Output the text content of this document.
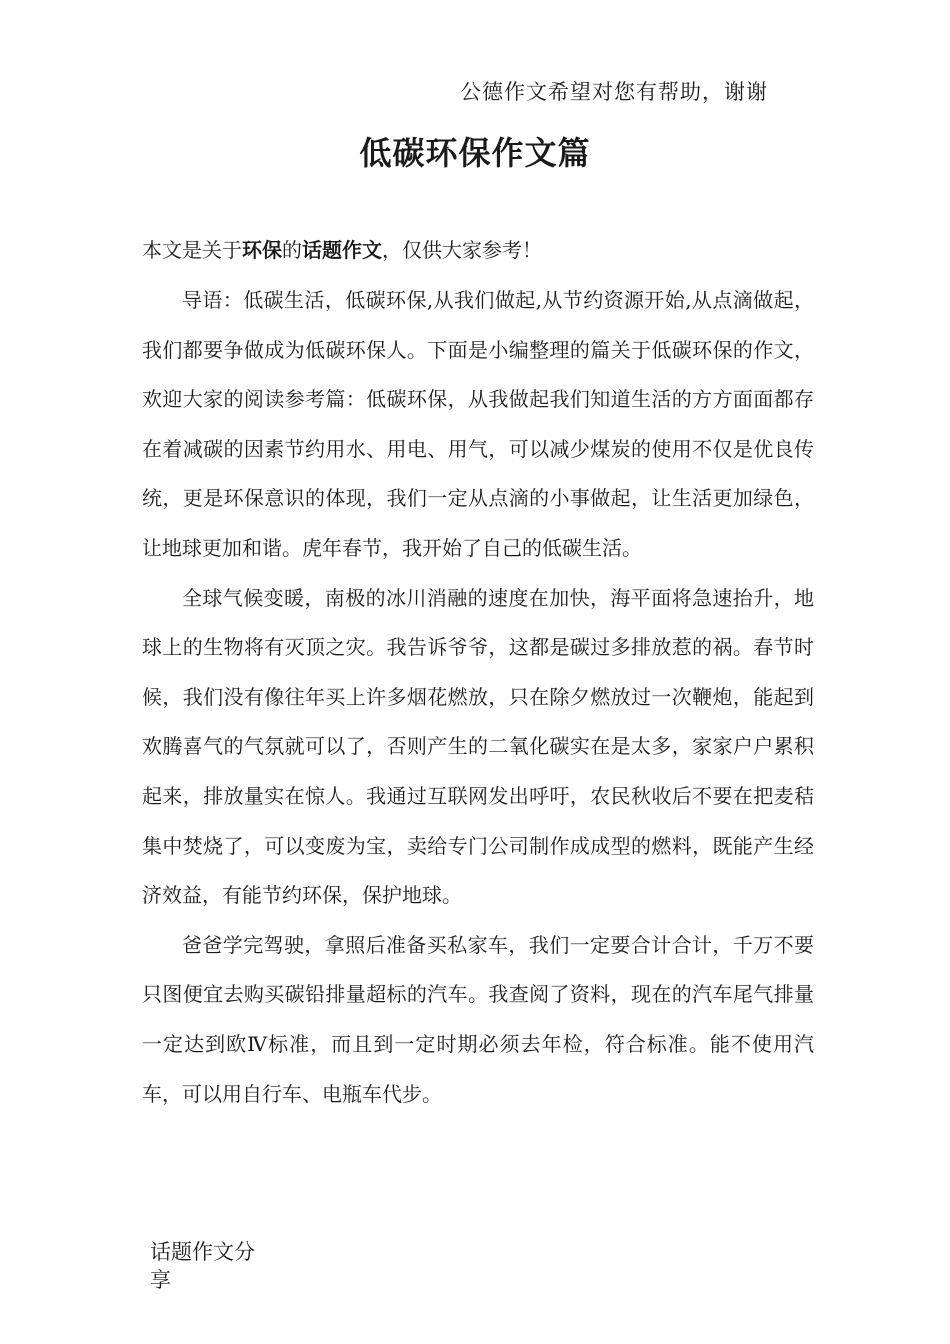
公德作文希望对您有帮助，谢谢
低碳环保作文篇
本文是关于环保的话题作文，仅供大家参考！

导语：低碳生活，低碳环保,从我们做起,从节约资源开始,从点滴做起，我们都要争做成为低碳环保人。下面是小编整理的篇关于低碳环保的作文，欢迎大家的阅读参考篇：低碳环保，从我做起我们知道生活的方方面面都存在着减碳的因素节约用水、用电、用气，可以减少煤炭的使用不仅是优良传统，更是环保意识的体现，我们一定从点滴的小事做起，让生活更加绿色，让地球更加和谐。虎年春节，我开始了自己的低碳生活。

全球气候变暖，南极的冰川消融的速度在加快，海平面将急速抬升，地球上的生物将有灭顶之灾。我告诉爷爷，这都是碳过多排放惹的祸。春节时候，我们没有像往年买上许多烟花燃放，只在除夕燃放过一次鞭炮，能起到欢腾喜气的气氛就可以了，否则产生的二氧化碳实在是太多，家家户户累积起来，排放量实在惊人。我通过互联网发出呼吁，农民秋收后不要在把麦秸集中焚烧了，可以变废为宝，卖给专门公司制作成成型的燃料，既能产生经济效益，有能节约环保，保护地球。

爸爸学完驾驶，拿照后准备买私家车，我们一定要合计合计，千万不要只图便宜去购买碳铅排量超标的汽车。我查阅了资料，现在的汽车尾气排量一定达到欧Ⅳ标准，而且到一定时期必须去年检，符合标准。能不使用汽车，可以用自行车、电瓶车代步。

话题作文分享
